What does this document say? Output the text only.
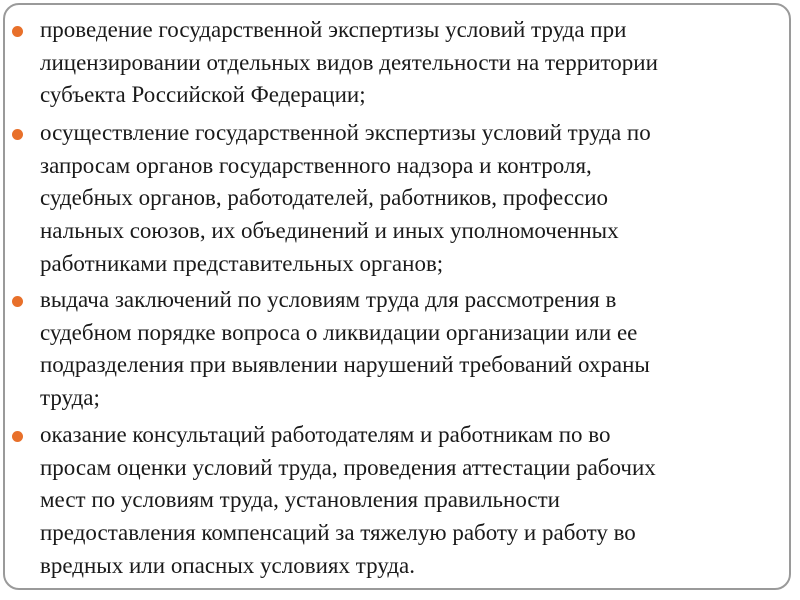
проведение государственной экспертизы условий труда при
лицензировании отдельных видов деятельности на территории
субъекта Российской Федерации;

осуществление государственной экспертизы условий труда по
запросам органов государственного надзора и контроля,
судебных органов, работодателей, работников, профессио
нальных союзов, их объединений и иных уполномоченных
работниками представительных органов;

выдача заключений по условиям труда для рассмотрения в
судебном порядке вопроса о ликвидации организации или ее
подразделения при выявлении нарушений требований охраны
труда;

оказание консультаций работодателям и работникам по во
просам оценки условий труда, проведения аттестации рабочих
мест по условиям труда, установления правильности
предоставления компенсаций за тяжелую работу и работу во
вредных или опасных условиях труда.
